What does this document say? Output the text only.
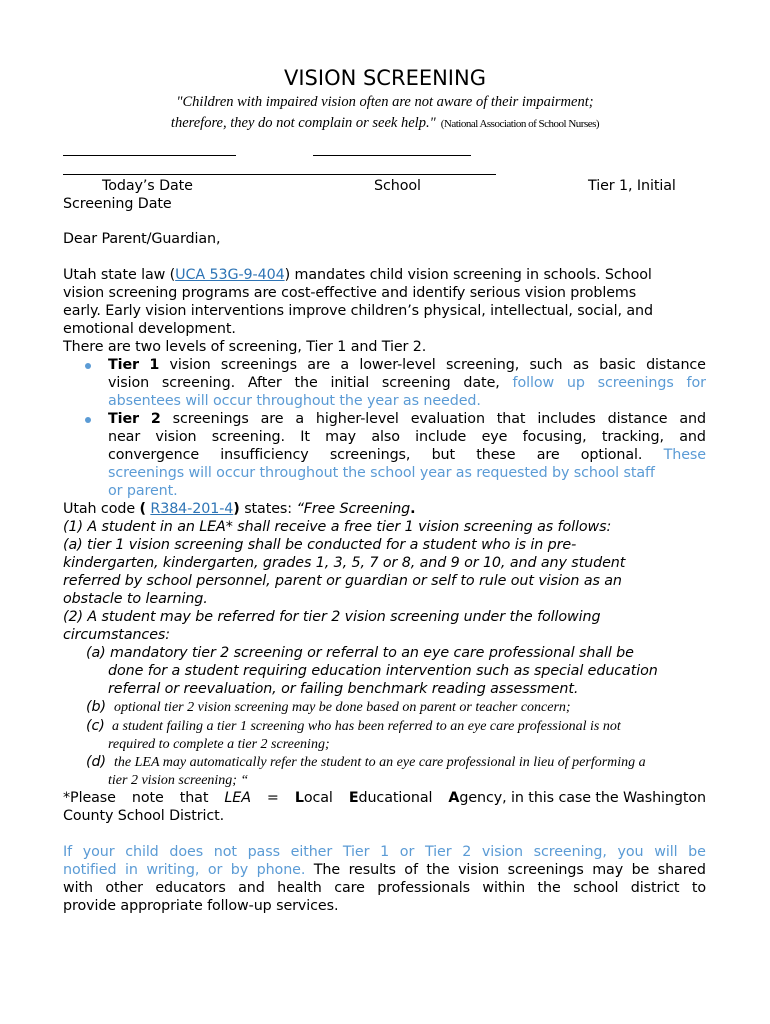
VISION SCREENING
"Children with impaired vision often are not aware of their impairment;
therefore, they do not complain or seek help." (National Association of School Nurses)
Today’s Date	School	Tier 1, Initial
Screening Date
Dear Parent/Guardian,
Utah state law (UCA 53G-9-404) mandates child vision screening in schools. School
vision screening programs are cost-effective and identify serious vision problems
early. Early vision interventions improve children’s physical, intellectual, social, and
emotional development.
There are two levels of screening, Tier 1 and Tier 2.
Tier 1 vision screenings are a lower-level screening, such as basic distance
vision screening. After the initial screening date, follow up screenings for
absentees will occur throughout the year as needed.
Tier 2 screenings are a higher-level evaluation that includes distance and
near vision screening. It may also include eye focusing, tracking, and
convergence insufficiency screenings, but these are optional. These
screenings will occur throughout the school year as requested by school staff
or parent.
Utah code ( R384-201-4) states: “Free Screening.
(1) A student in an LEA* shall receive a free tier 1 vision screening as follows:
(a) tier 1 vision screening shall be conducted for a student who is in pre-
kindergarten, kindergarten, grades 1, 3, 5, 7 or 8, and 9 or 10, and any student
referred by school personnel, parent or guardian or self to rule out vision as an
obstacle to learning.
(2) A student may be referred for tier 2 vision screening under the following
circumstances:
(a) mandatory tier 2 screening or referral to an eye care professional shall be
done for a student requiring education intervention such as special education
referral or reevaluation, or failing benchmark reading assessment.
(b) optional tier 2 vision screening may be done based on parent or teacher concern;
(c) a student failing a tier 1 screening who has been referred to an eye care professional is not
required to complete a tier 2 screening;
(d) the LEA may automatically refer the student to an eye care professional in lieu of performing a
tier 2 vision screening; “
*Please note that LEA = Local Educational Agency, in this case the Washington
County School District.
If your child does not pass either Tier 1 or Tier 2 vision screening, you will be
notified in writing, or by phone. The results of the vision screenings may be shared
with other educators and health care professionals within the school district to
provide appropriate follow-up services.
